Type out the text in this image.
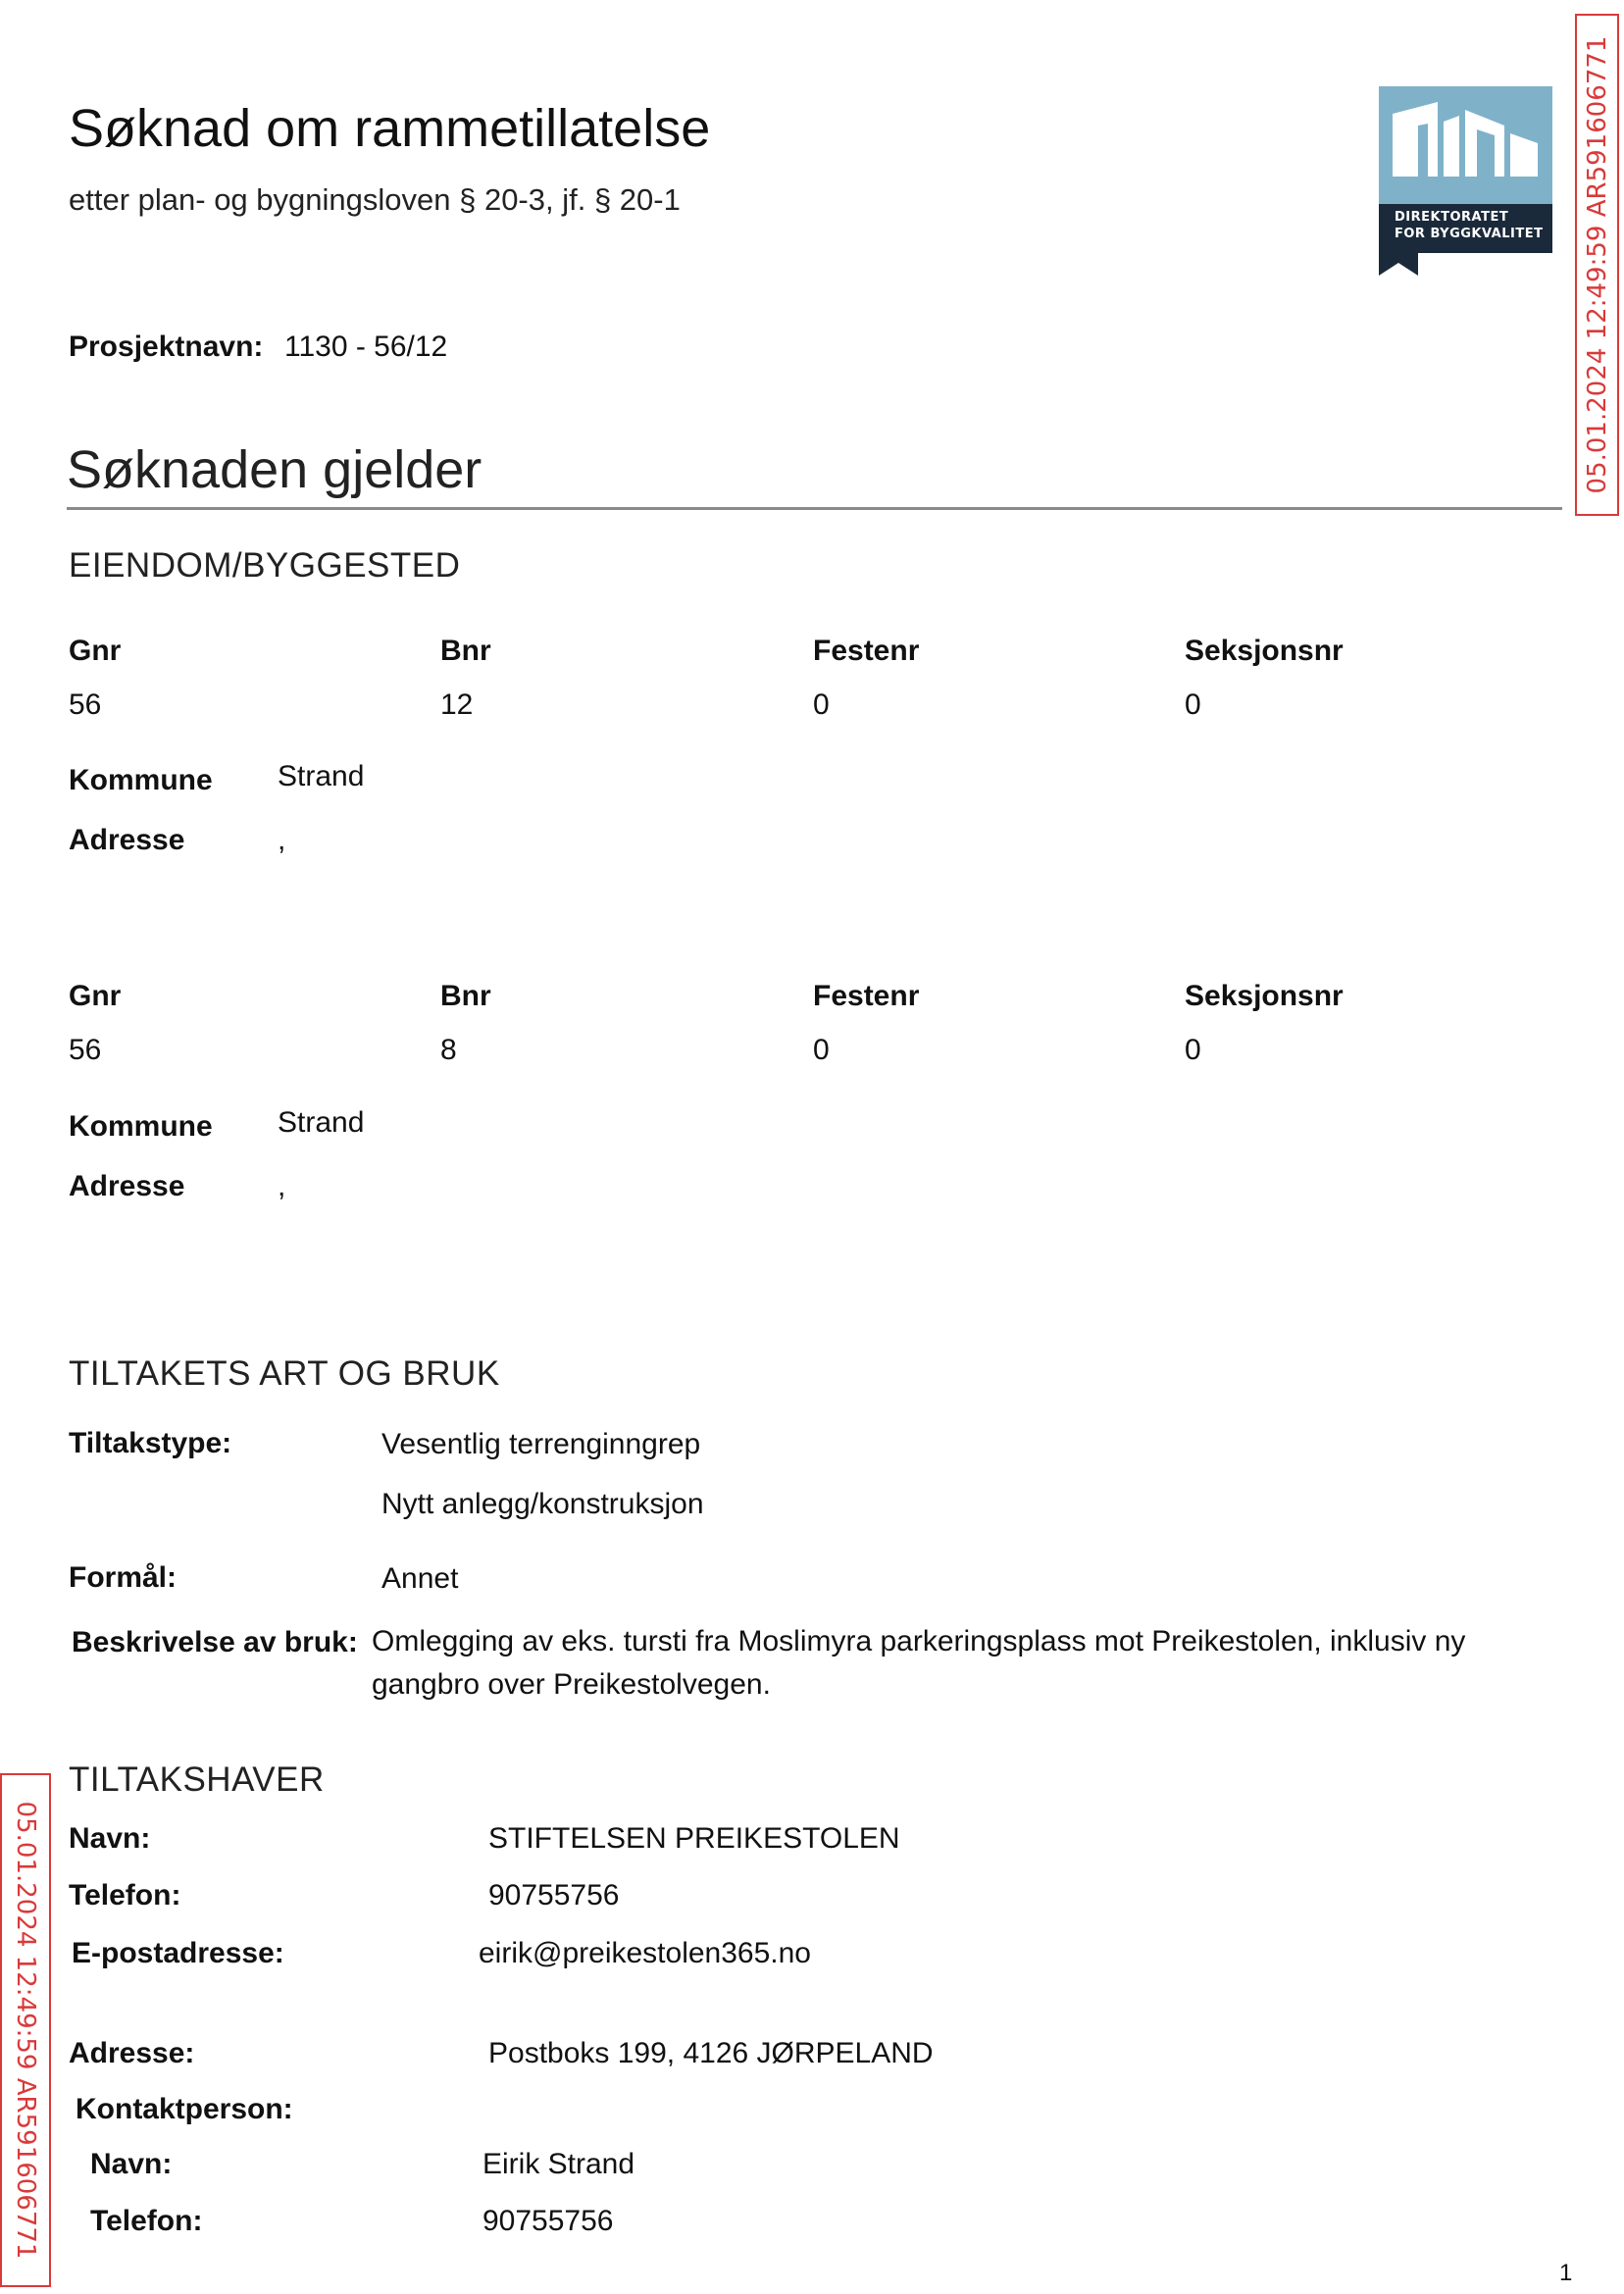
Søknad om rammetillatelse
etter plan- og bygningsloven § 20-3, jf. § 20-1
DIREKTORATET
FOR BYGGKVALITET
Prosjektnavn: 1130 - 56/12
Søknaden gjelder
EIENDOM/BYGGESTED
Gnr	Bnr	Festenr	Seksjonsnr
56	12	0	0
Kommune Strand
Adresse	,
Gnr	Bnr	Festenr	Seksjonsnr
56	8	0	0
Kommune Strand
Adresse	,
TILTAKETS ART OG BRUK
Tiltakstype:	Vesentlig terrenginngrep
Nytt anlegg/konstruksjon
Formål:	Annet
Beskrivelse av bruk: Omlegging av eks. tursti fra Moslimyra parkeringsplass mot Preikestolen, inklusiv ny gangbro over Preikestolvegen.
TILTAKSHAVER
Navn:	STIFTELSEN PREIKESTOLEN
Telefon:	90755756
E-postadresse:	eirik@preikestolen365.no
Adresse:	Postboks 199, 4126 JØRPELAND
Kontaktperson:
Navn:	Eirik Strand
Telefon:	90755756
05.01.2024 12:49:59 AR591606771
05.01.2024 12:49:59 AR591606771
1
